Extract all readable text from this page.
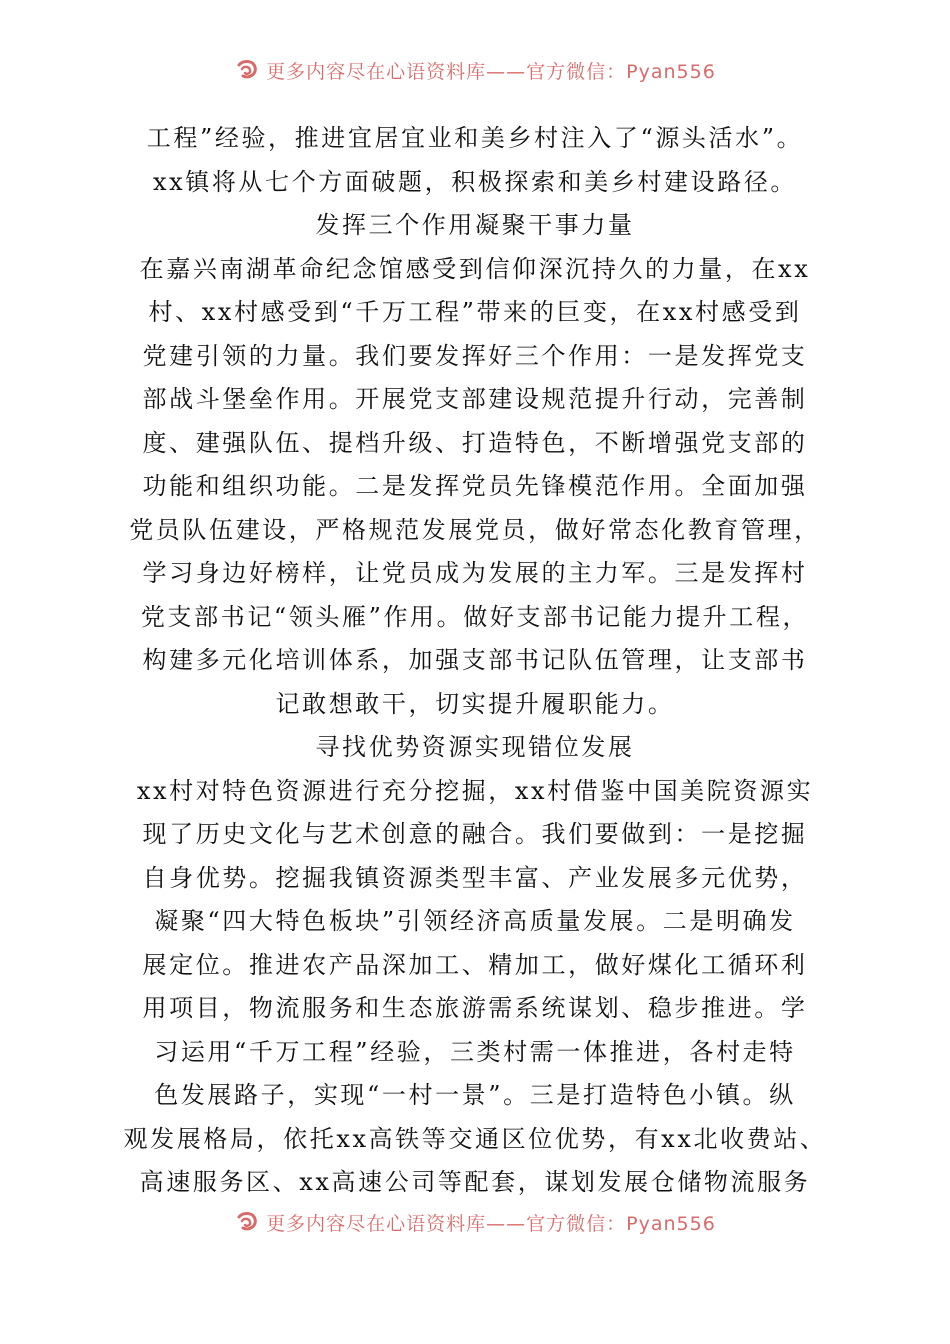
更多内容尽在心语资料库——官方微信：Pyan556
工程”经验，推进宜居宜业和美乡村注入了“源头活水”。
xx镇将从七个方面破题，积极探索和美乡村建设路径。
发挥三个作用凝聚干事力量
在嘉兴南湖革命纪念馆感受到信仰深沉持久的力量，在xx
村、xx村感受到“千万工程”带来的巨变，在xx村感受到
党建引领的力量。我们要发挥好三个作用：一是发挥党支
部战斗堡垒作用。开展党支部建设规范提升行动，完善制
度、建强队伍、提档升级、打造特色，不断增强党支部的
功能和组织功能。二是发挥党员先锋模范作用。全面加强
党员队伍建设，严格规范发展党员，做好常态化教育管理，
学习身边好榜样，让党员成为发展的主力军。三是发挥村
党支部书记“领头雁”作用。做好支部书记能力提升工程，
构建多元化培训体系，加强支部书记队伍管理，让支部书
记敢想敢干，切实提升履职能力。
寻找优势资源实现错位发展
xx村对特色资源进行充分挖掘，xx村借鉴中国美院资源实
现了历史文化与艺术创意的融合。我们要做到：一是挖掘
自身优势。挖掘我镇资源类型丰富、产业发展多元优势，
凝聚“四大特色板块”引领经济高质量发展。二是明确发
展定位。推进农产品深加工、精加工，做好煤化工循环利
用项目，物流服务和生态旅游需系统谋划、稳步推进。学
习运用“千万工程”经验，三类村需一体推进，各村走特
色发展路子，实现“一村一景”。三是打造特色小镇。纵
观发展格局，依托xx高铁等交通区位优势，有xx北收费站、
高速服务区、xx高速公司等配套，谋划发展仓储物流服务
更多内容尽在心语资料库——官方微信：Pyan556
